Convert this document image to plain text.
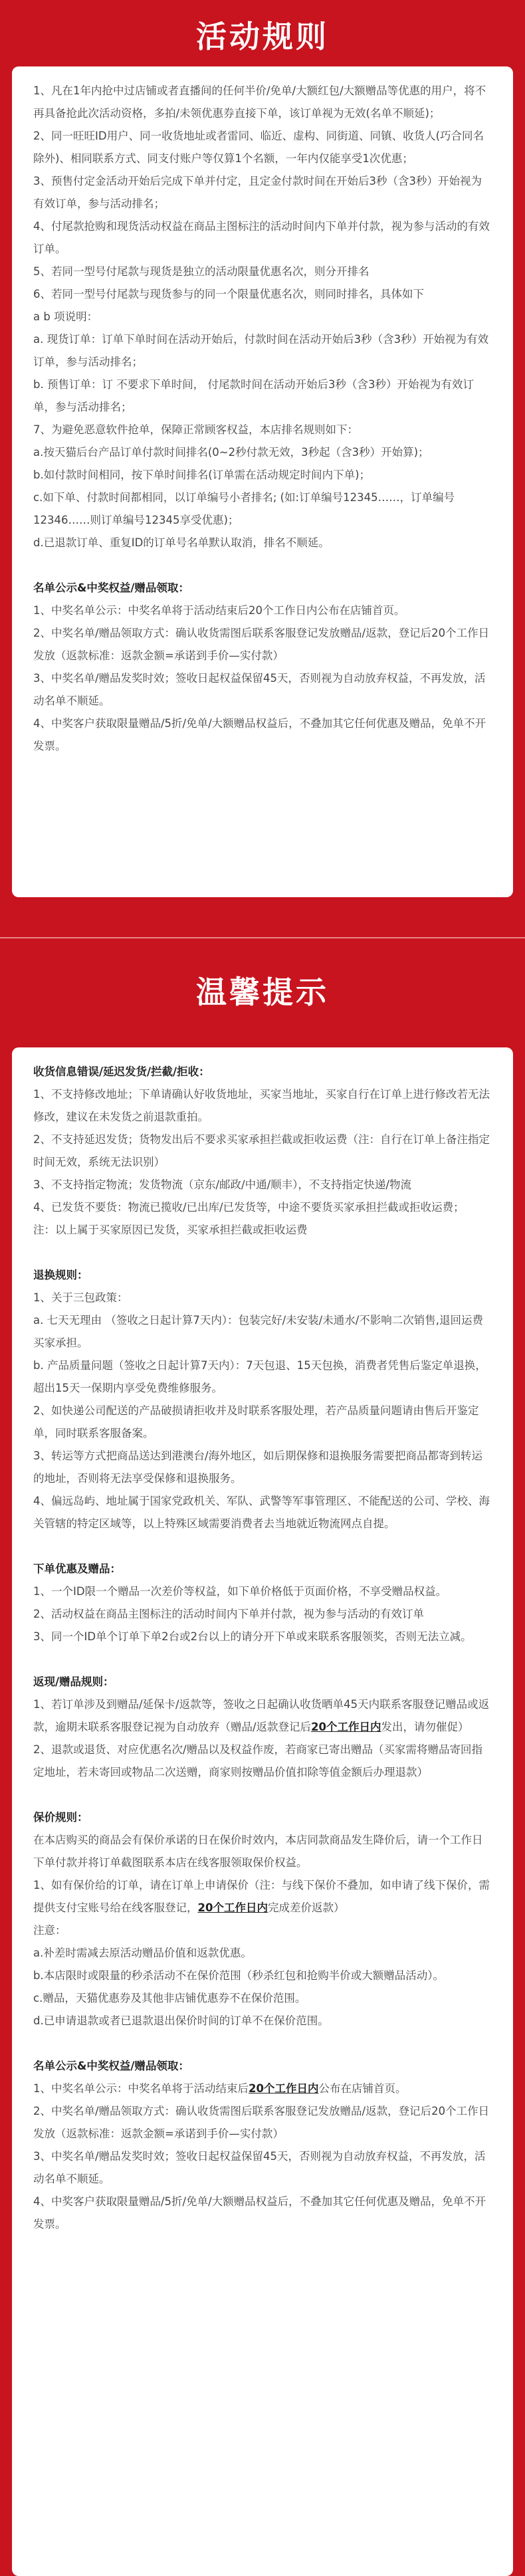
活动规则

1、凡在1年内抢中过店铺或者直播间的任何半价/免单/大额红包/大额赠品等优惠的用户，将不再具备抢此次活动资格，多拍/未领优惠券直接下单，该订单视为无效(名单不顺延)；

2、同一旺旺ID用户、同一收货地址或者雷同、临近、虚构、同街道、同镇、收货人(巧合同名除外)、相同联系方式、同支付账户等仅算1个名额，一年内仅能享受1次优惠；

3、预售付定金活动开始后完成下单并付定，且定金付款时间在开始后3秒（含3秒）开始视为有效订单，参与活动排名；

4、付尾款抢购和现货活动权益在商品主图标注的活动时间内下单并付款，视为参与活动的有效订单。

5、若同一型号付尾款与现货是独立的活动限量优惠名次，则分开排名

6、若同一型号付尾款与现货参与的同一个限量优惠名次，则同时排名，具体如下

a b 项说明：

a. 现货订单：订单下单时间在活动开始后，付款时间在活动开始后3秒（含3秒）开始视为有效订单，参与活动排名；

b. 预售订单：订 不要求下单时间， 付尾款时间在活动开始后3秒（含3秒）开始视为有效订单，参与活动排名；

7、为避免恶意软件抢单，保障正常顾客权益，本店排名规则如下：

a.按天猫后台产品订单付款时间排名(0~2秒付款无效，3秒起（含3秒）开始算)；

b.如付款时间相同，按下单时间排名(订单需在活动规定时间内下单)；

c.如下单、付款时间都相同，以订单编号小者排名; (如:订单编号12345……，订单编号12346……则订单编号12345享受优惠)；

d.已退款订单、重复ID的订单号名单默认取消，排名不顺延。

名单公示&中奖权益/赠品领取：

1、中奖名单公示：中奖名单将于活动结束后20个工作日内公布在店铺首页。

2、中奖名单/赠品领取方式：确认收货需图后联系客服登记发放赠品/返款，登记后20个工作日发放（返款标准：返款金额=承诺到手价—实付款）

3、中奖名单/赠品发奖时效；签收日起权益保留45天，否则视为自动放弃权益，不再发放，活动名单不顺延。

4、中奖客户获取限量赠品/5折/免单/大额赠品权益后，不叠加其它任何优惠及赠品，免单不开发票。

温馨提示

收货信息错误/延迟发货/拦截/拒收：

1、不支持修改地址；下单请确认好收货地址，买家当地址，买家自行在订单上进行修改若无法修改，建议在未发货之前退款重拍。

2、不支持延迟发货；货物发出后不要求买家承担拦截或拒收运费（注：自行在订单上备注指定时间无效，系统无法识别）

3、不支持指定物流；发货物流（京东/邮政/中通/顺丰），不支持指定快递/物流

4、已发货不要货：物流已揽收/已出库/已发货等，中途不要货买家承担拦截或拒收运费；

注：以上属于买家原因已发货，买家承担拦截或拒收运费

退换规则：

1、关于三包政策：

a. 七天无理由 （签收之日起计算7天内）：包装完好/未安装/未通水/不影响二次销售,退回运费买家承担。

b. 产品质量问题（签收之日起计算7天内）：7天包退、15天包换，消费者凭售后鉴定单退换，超出15天一保期内享受免费维修服务。

2、如快递公司配送的产品破损请拒收并及时联系客服处理，若产品质量问题请由售后开鉴定单，同时联系客服备案。

3、转运等方式把商品送达到港澳台/海外地区，如后期保修和退换服务需要把商品都寄到转运的地址，否则将无法享受保修和退换服务。

4、偏远岛屿、地址属于国家党政机关、军队、武警等军事管理区、不能配送的公司、学校、海关管辖的特定区域等，以上特殊区域需要消费者去当地就近物流网点自提。

下单优惠及赠品：

1、一个ID限一个赠品一次差价等权益，如下单价格低于页面价格，不享受赠品权益。

2、活动权益在商品主图标注的活动时间内下单并付款，视为参与活动的有效订单

3、同一个ID单个订单下单2台或2台以上的请分开下单或来联系客服领奖，否则无法立减。

返现/赠品规则：

1、若订单涉及到赠品/延保卡/返款等，签收之日起确认收货晒单45天内联系客服登记赠品或返款，逾期未联系客服登记视为自动放弃（赠品/返款登记后20个工作日内发出，请勿催促）

2、退款或退货、对应优惠名次/赠品以及权益作废，若商家已寄出赠品（买家需将赠品寄回指定地址，若未寄回或物品二次送赠，商家则按赠品价值扣除等值金额后办理退款）

保价规则：

在本店购买的商品会有保价承诺的日在保价时效内，本店同款商品发生降价后，请一个工作日下单付款并将订单截图联系本店在线客服领取保价权益。

1、如有保价给的订单，请在订单上申请保价（注：与线下保价不叠加，如申请了线下保价，需提供支付宝账号给在线客服登记，20个工作日内完成差价返款）

注意：

a.补差时需减去原活动赠品价值和返款优惠。

b.本店限时或限量的秒杀活动不在保价范围（秒杀红包和抢购半价或大额赠品活动）。

c.赠品，天猫优惠券及其他非店铺优惠券不在保价范围。

d.已申请退款或者已退款退出保价时间的订单不在保价范围。

名单公示&中奖权益/赠品领取：

1、中奖名单公示：中奖名单将于活动结束后20个工作日内公布在店铺首页。

2、中奖名单/赠品领取方式：确认收货需图后联系客服登记发放赠品/返款，登记后20个工作日发放（返款标准：返款金额=承诺到手价—实付款）

3、中奖名单/赠品发奖时效；签收日起权益保留45天，否则视为自动放弃权益，不再发放，活动名单不顺延。

4、中奖客户获取限量赠品/5折/免单/大额赠品权益后，不叠加其它任何优惠及赠品，免单不开发票。
